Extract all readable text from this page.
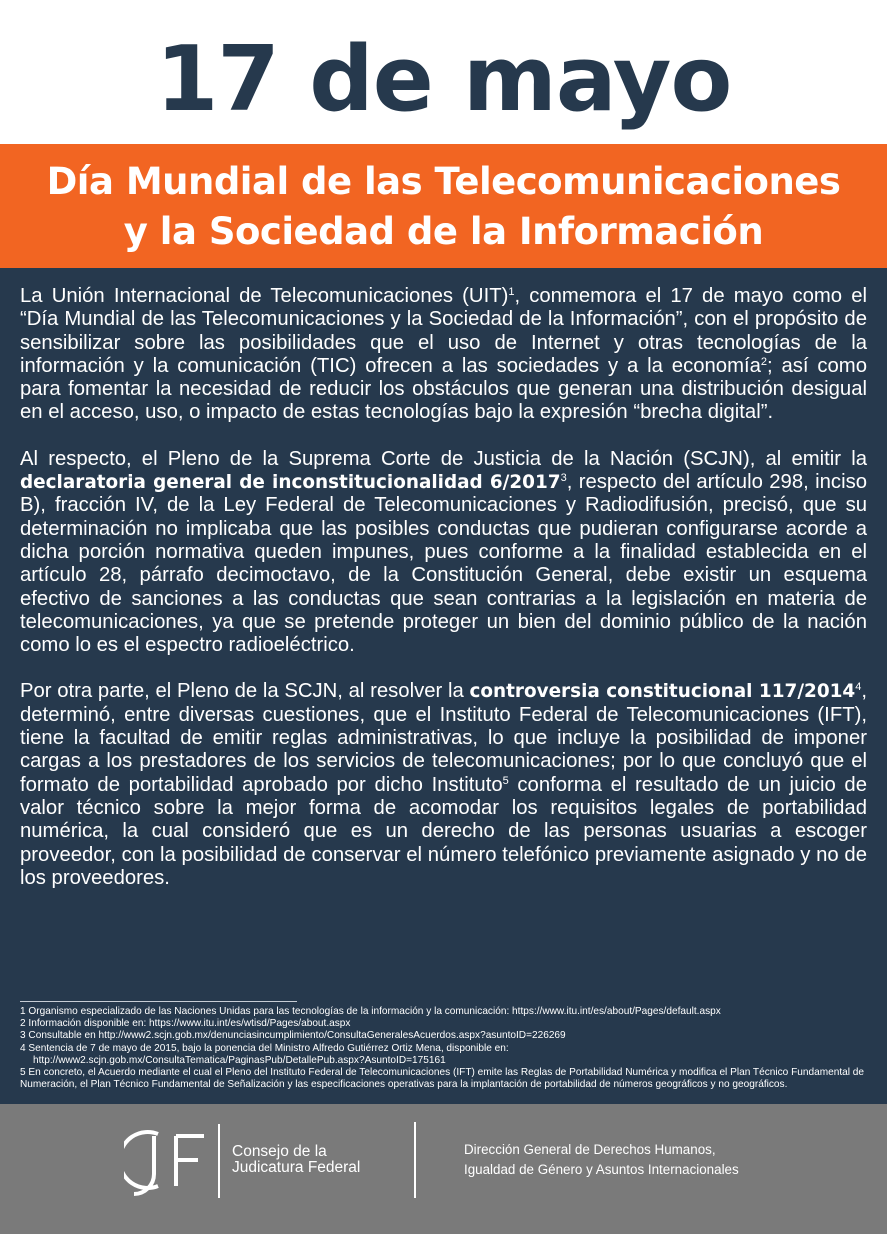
17 de mayo
Día Mundial de las Telecomunicaciones
y la Sociedad de la Información

La Unión Internacional de Telecomunicaciones (UIT)$^1$, conmemora el 17 de mayo como el “Día Mundial de las Telecomunicaciones y la Sociedad de la Información”, con el propósito de sensibilizar sobre las posibilidades que el uso de Internet y otras tecnologías de la información y la comunicación (TIC) ofrecen a las sociedades y a la economía$^2$; así como para fomentar la necesidad de reducir los obstáculos que generan una distribución desigual en el acceso, uso, o impacto de estas tecnologías bajo la expresión “brecha digital”.

Al respecto, el Pleno de la Suprema Corte de Justicia de la Nación (SCJN), al emitir la declaratoria general de inconstitucionalidad 6/2017$^3$, respecto del artículo 298, inciso B), fracción IV, de la Ley Federal de Telecomunicaciones y Radiodifusión, precisó, que su determinación no implicaba que las posibles conductas que pudieran configurarse acorde a dicha porción normativa queden impunes, pues conforme a la finalidad establecida en el artículo 28, párrafo decimoctavo, de la Constitución General, debe existir un esquema efectivo de sanciones a las conductas que sean contrarias a la legislación en materia de telecomunicaciones, ya que se pretende proteger un bien del dominio público de la nación como lo es el espectro radioeléctrico.

Por otra parte, el Pleno de la SCJN, al resolver la controversia constitucional 117/2014$^4$, determinó, entre diversas cuestiones, que el Instituto Federal de Telecomunicaciones (IFT), tiene la facultad de emitir reglas administrativas, lo que incluye la posibilidad de imponer cargas a los prestadores de los servicios de telecomunicaciones; por lo que concluyó que el formato de portabilidad aprobado por dicho Instituto$^5$ conforma el resultado de un juicio de valor técnico sobre la mejor forma de acomodar los requisitos legales de portabilidad numérica, la cual consideró que es un derecho de las personas usuarias a escoger proveedor, con la posibilidad de conservar el número telefónico previamente asignado y no de los proveedores.

1 Organismo especializado de las Naciones Unidas para las tecnologías de la información y la comunicación: https://www.itu.int/es/about/Pages/default.aspx
2 Información disponible en: https://www.itu.int/es/wtisd/Pages/about.aspx
3 Consultable en http://www2.scjn.gob.mx/denunciasincumplimiento/ConsultaGeneralesAcuerdos.aspx?asuntoID=226269
4 Sentencia de 7 de mayo de 2015, bajo la ponencia del Ministro Alfredo Gutiérrez Ortiz Mena, disponible en:
http://www2.scjn.gob.mx/ConsultaTematica/PaginasPub/DetallePub.aspx?AsuntoID=175161
5 En concreto, el Acuerdo mediante el cual el Pleno del Instituto Federal de Telecomunicaciones (IFT) emite las Reglas de Portabilidad Numérica y modifica el Plan Técnico Fundamental de Numeración, el Plan Técnico Fundamental de Señalización y las especificaciones operativas para la implantación de portabilidad de números geográficos y no geográficos.
Consejo de la
Judicatura Federal
Dirección General de Derechos Humanos,
Igualdad de Género y Asuntos Internacionales
